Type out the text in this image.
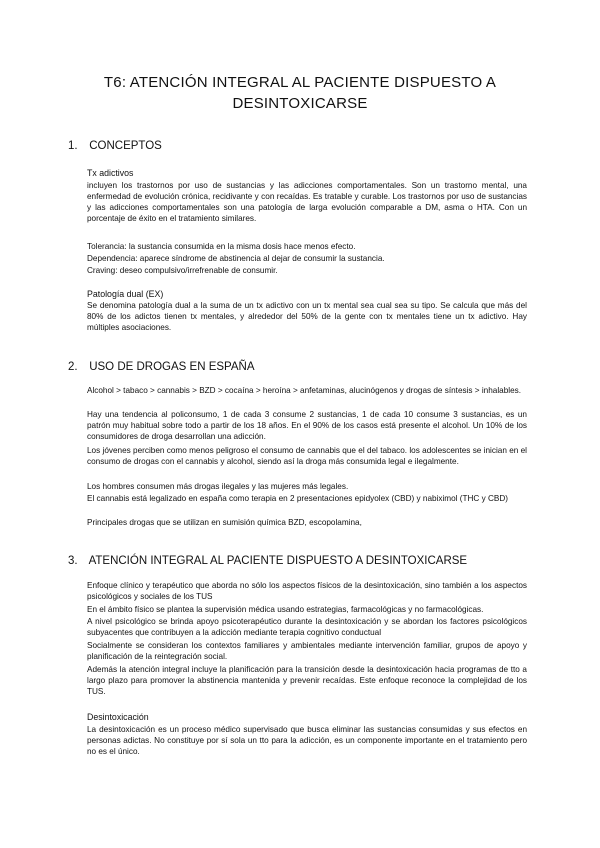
T6: ATENCIÓN INTEGRAL AL PACIENTE DISPUESTO A
DESINTOXICARSE
1. CONCEPTOS
Tx adictivos
incluyen los trastornos por uso de sustancias y las adicciones comportamentales. Son un trastorno mental, una enfermedad de evolución crónica, recidivante y con recaídas. Es tratable y curable. Los trastornos por uso de sustancias y las adicciones comportamentales son una patología de larga evolución comparable a DM, asma o HTA. Con un porcentaje de éxito en el tratamiento similares.
Tolerancia: la sustancia consumida en la misma dosis hace menos efecto.
Dependencia: aparece síndrome de abstinencia al dejar de consumir la sustancia.
Craving: deseo compulsivo/irrefrenable de consumir.
Patología dual (EX)
Se denomina patología dual a la suma de un tx adictivo con un tx mental sea cual sea su tipo. Se calcula que más del 80% de los adictos tienen tx mentales, y alrededor del 50% de la gente con tx mentales tiene un tx adictivo. Hay múltiples asociaciones.
2. USO DE DROGAS EN ESPAÑA
Alcohol > tabaco > cannabis > BZD > cocaína > heroína > anfetaminas, alucinógenos y drogas de síntesis > inhalables.
Hay una tendencia al policonsumo, 1 de cada 3 consume 2 sustancias, 1 de cada 10 consume 3 sustancias, es un patrón muy habitual sobre todo a partir de los 18 años. En el 90% de los casos está presente el alcohol. Un 10% de los consumidores de droga desarrollan una adicción.
Los jóvenes perciben como menos peligroso el consumo de cannabis que el del tabaco. los adolescentes se inician en el consumo de drogas con el cannabis y alcohol, siendo así la droga más consumida legal e ilegalmente.
Los hombres consumen más drogas ilegales y las mujeres más legales.
El cannabis está legalizado en españa como terapia en 2 presentaciones epidyolex (CBD) y nabiximol (THC y CBD)
Principales drogas que se utilizan en sumisión química BZD, escopolamina,
3. ATENCIÓN INTEGRAL AL PACIENTE DISPUESTO A DESINTOXICARSE
Enfoque clínico y terapéutico que aborda no sólo los aspectos físicos de la desintoxicación, sino también a los aspectos psicológicos y sociales de los TUS
En el ámbito físico se plantea la supervisión médica usando estrategias, farmacológicas y no farmacológicas.
A nivel psicológico se brinda apoyo psicoterapéutico durante la desintoxicación y se abordan los factores psicológicos subyacentes que contribuyen a la adicción mediante terapia cognitivo conductual
Socialmente se consideran los contextos familiares y ambientales mediante intervención familiar, grupos de apoyo y planificación de la reintegración social.
Además la atención integral incluye la planificación para la transición desde la desintoxicación hacia programas de tto a largo plazo para promover la abstinencia mantenida y prevenir recaídas. Este enfoque reconoce la complejidad de los TUS.
Desintoxicación
La desintoxicación es un proceso médico supervisado que busca eliminar las sustancias consumidas y sus efectos en personas adictas. No constituye por sí sola un tto para la adicción, es un componente importante en el tratamiento pero no es el único.
